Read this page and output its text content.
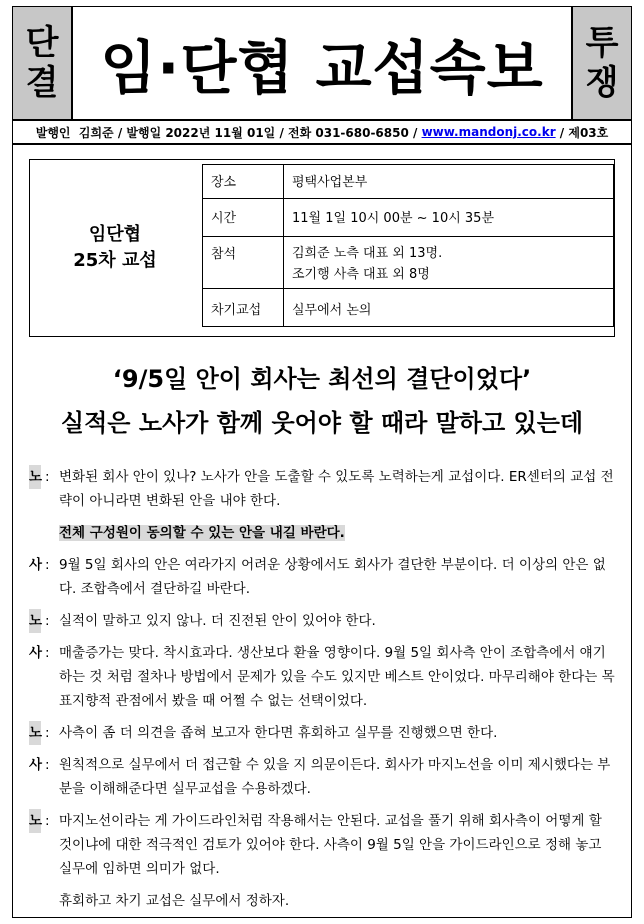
단
결 임·단협 교섭속보	투
쟁
발행인  김희준 / 발행일 2022년 11월 01일 / 전화 031-680-6850 / www.mandonj.co.kr / 제03호
임단협
25차 교섭
장소	평택사업본부

시간	11월 1일 10시 00분 ~ 10시 35분

참석	김희준 노측 대표 외 13명.
조기행 사측 대표 외 8명

차기교섭	실무에서 논의
‘9/5일 안이 회사는 최선의 결단이었다’
실적은 노사가 함께 웃어야 할 때라 말하고 있는데
노 : 변화된 회사 안이 있나? 노사가 안을 도출할 수 있도록 노력하는게 교섭이다. ER센터의 교섭 전략이 아니라면 변화된 안을 내야 한다.
전체 구성원이 동의할 수 있는 안을 내길 바란다.
사 : 9월 5일 회사의 안은 여라가지 어려운 상황에서도 회사가 결단한 부분이다. 더 이상의 안은 없다. 조합측에서 결단하길 바란다.
노 : 실적이 말하고 있지 않나. 더 진전된 안이 있어야 한다.
사 : 매출증가는 맞다. 착시효과다. 생산보다 환율 영향이다. 9월 5일 회사측 안이 조합측에서 얘기하는 것 처럼 절차나 방법에서 문제가 있을 수도 있지만 베스트 안이었다. 마무리해야 한다는 목표지향적 관점에서 봤을 때 어쩔 수 없는 선택이었다.
노 : 사측이 좀 더 의견을 좁혀 보고자 한다면 휴회하고 실무를 진행했으면 한다.
사 : 원칙적으로 실무에서 더 접근할 수 있을 지 의문이든다. 회사가 마지노선을 이미 제시했다는 부분을 이해해준다면 실무교섭을 수용하겠다.
노 : 마지노선이라는 게 가이드라인처럼 작용해서는 안된다. 교섭을 풀기 위해 회사측이 어떻게 할 것이냐에 대한 적극적인 검토가 있어야 한다. 사측이 9월 5일 안을 가이드라인으로 정해 놓고 실무에 임하면 의미가 없다.
휴회하고 차기 교섭은 실무에서 정하자.
